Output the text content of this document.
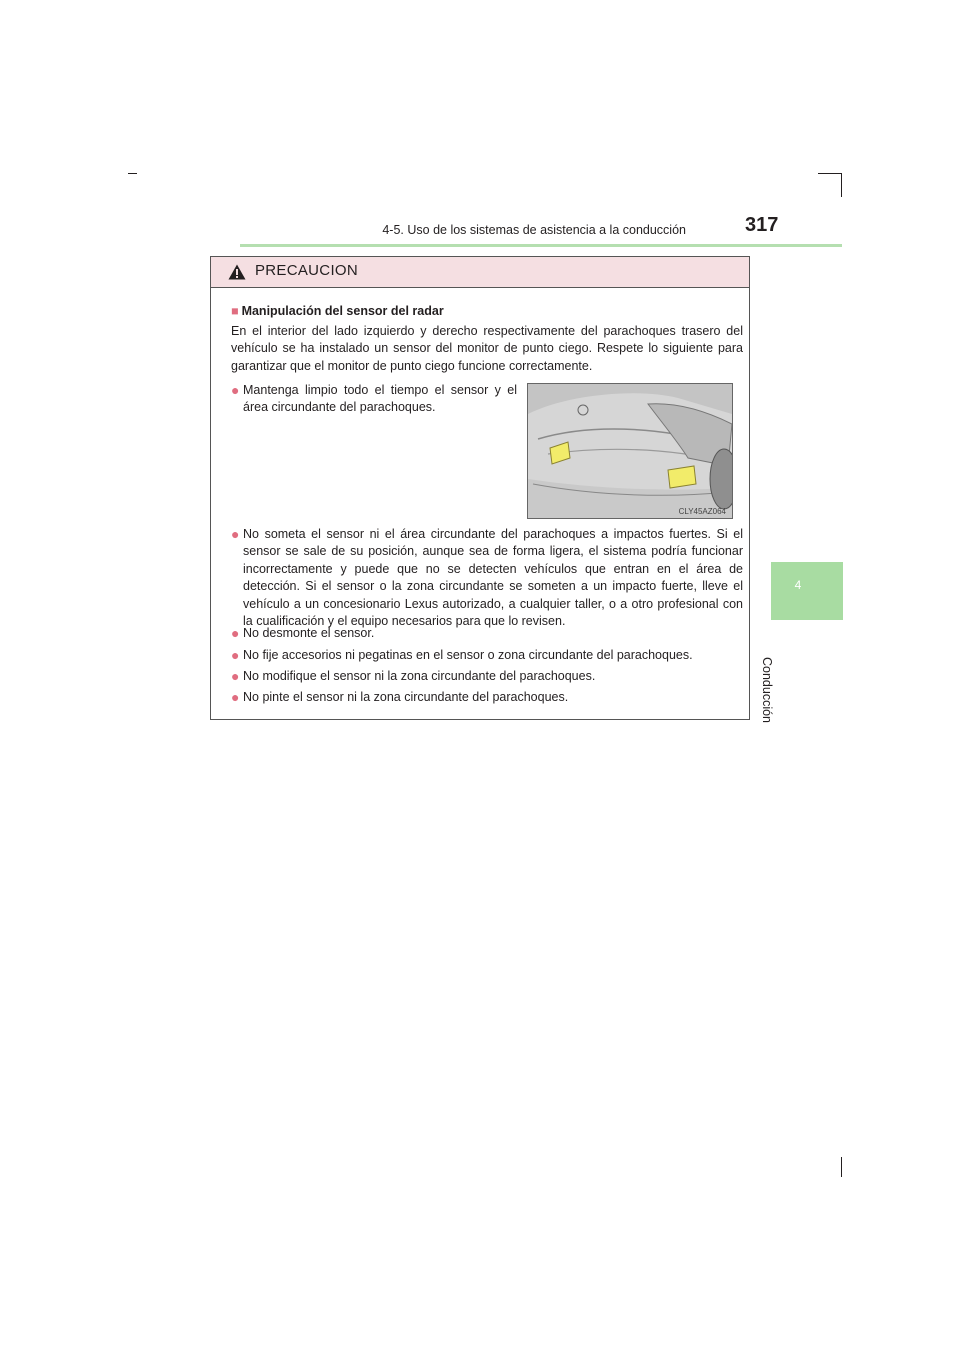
4-5. Uso de los sistemas de asistencia a la conducción	317
4
Conducción
PRECAUCION
■ Manipulación del sensor del radar
En el interior del lado izquierdo y derecho respectivamente del parachoques trasero del vehículo se ha instalado un sensor del monitor de punto ciego. Respete lo siguiente para garantizar que el monitor de punto ciego funcione correctamente.
● Mantenga limpio todo el tiempo el sensor y el área circundante del parachoques.
CLY45AZ064
● No someta el sensor ni el área circundante del parachoques a impactos fuertes. Si el sensor se sale de su posición, aunque sea de forma ligera, el sistema podría funcionar incorrectamente y puede que no se detecten vehículos que entran en el área de detección. Si el sensor o la zona circundante se someten a un impacto fuerte, lleve el vehículo a un concesionario Lexus autorizado, a cualquier taller, o a otro profesional con la cualificación y el equipo necesarios para que lo revisen.
● No desmonte el sensor.
● No fije accesorios ni pegatinas en el sensor o zona circundante del parachoques.
● No modifique el sensor ni la zona circundante del parachoques.
● No pinte el sensor ni la zona circundante del parachoques.
